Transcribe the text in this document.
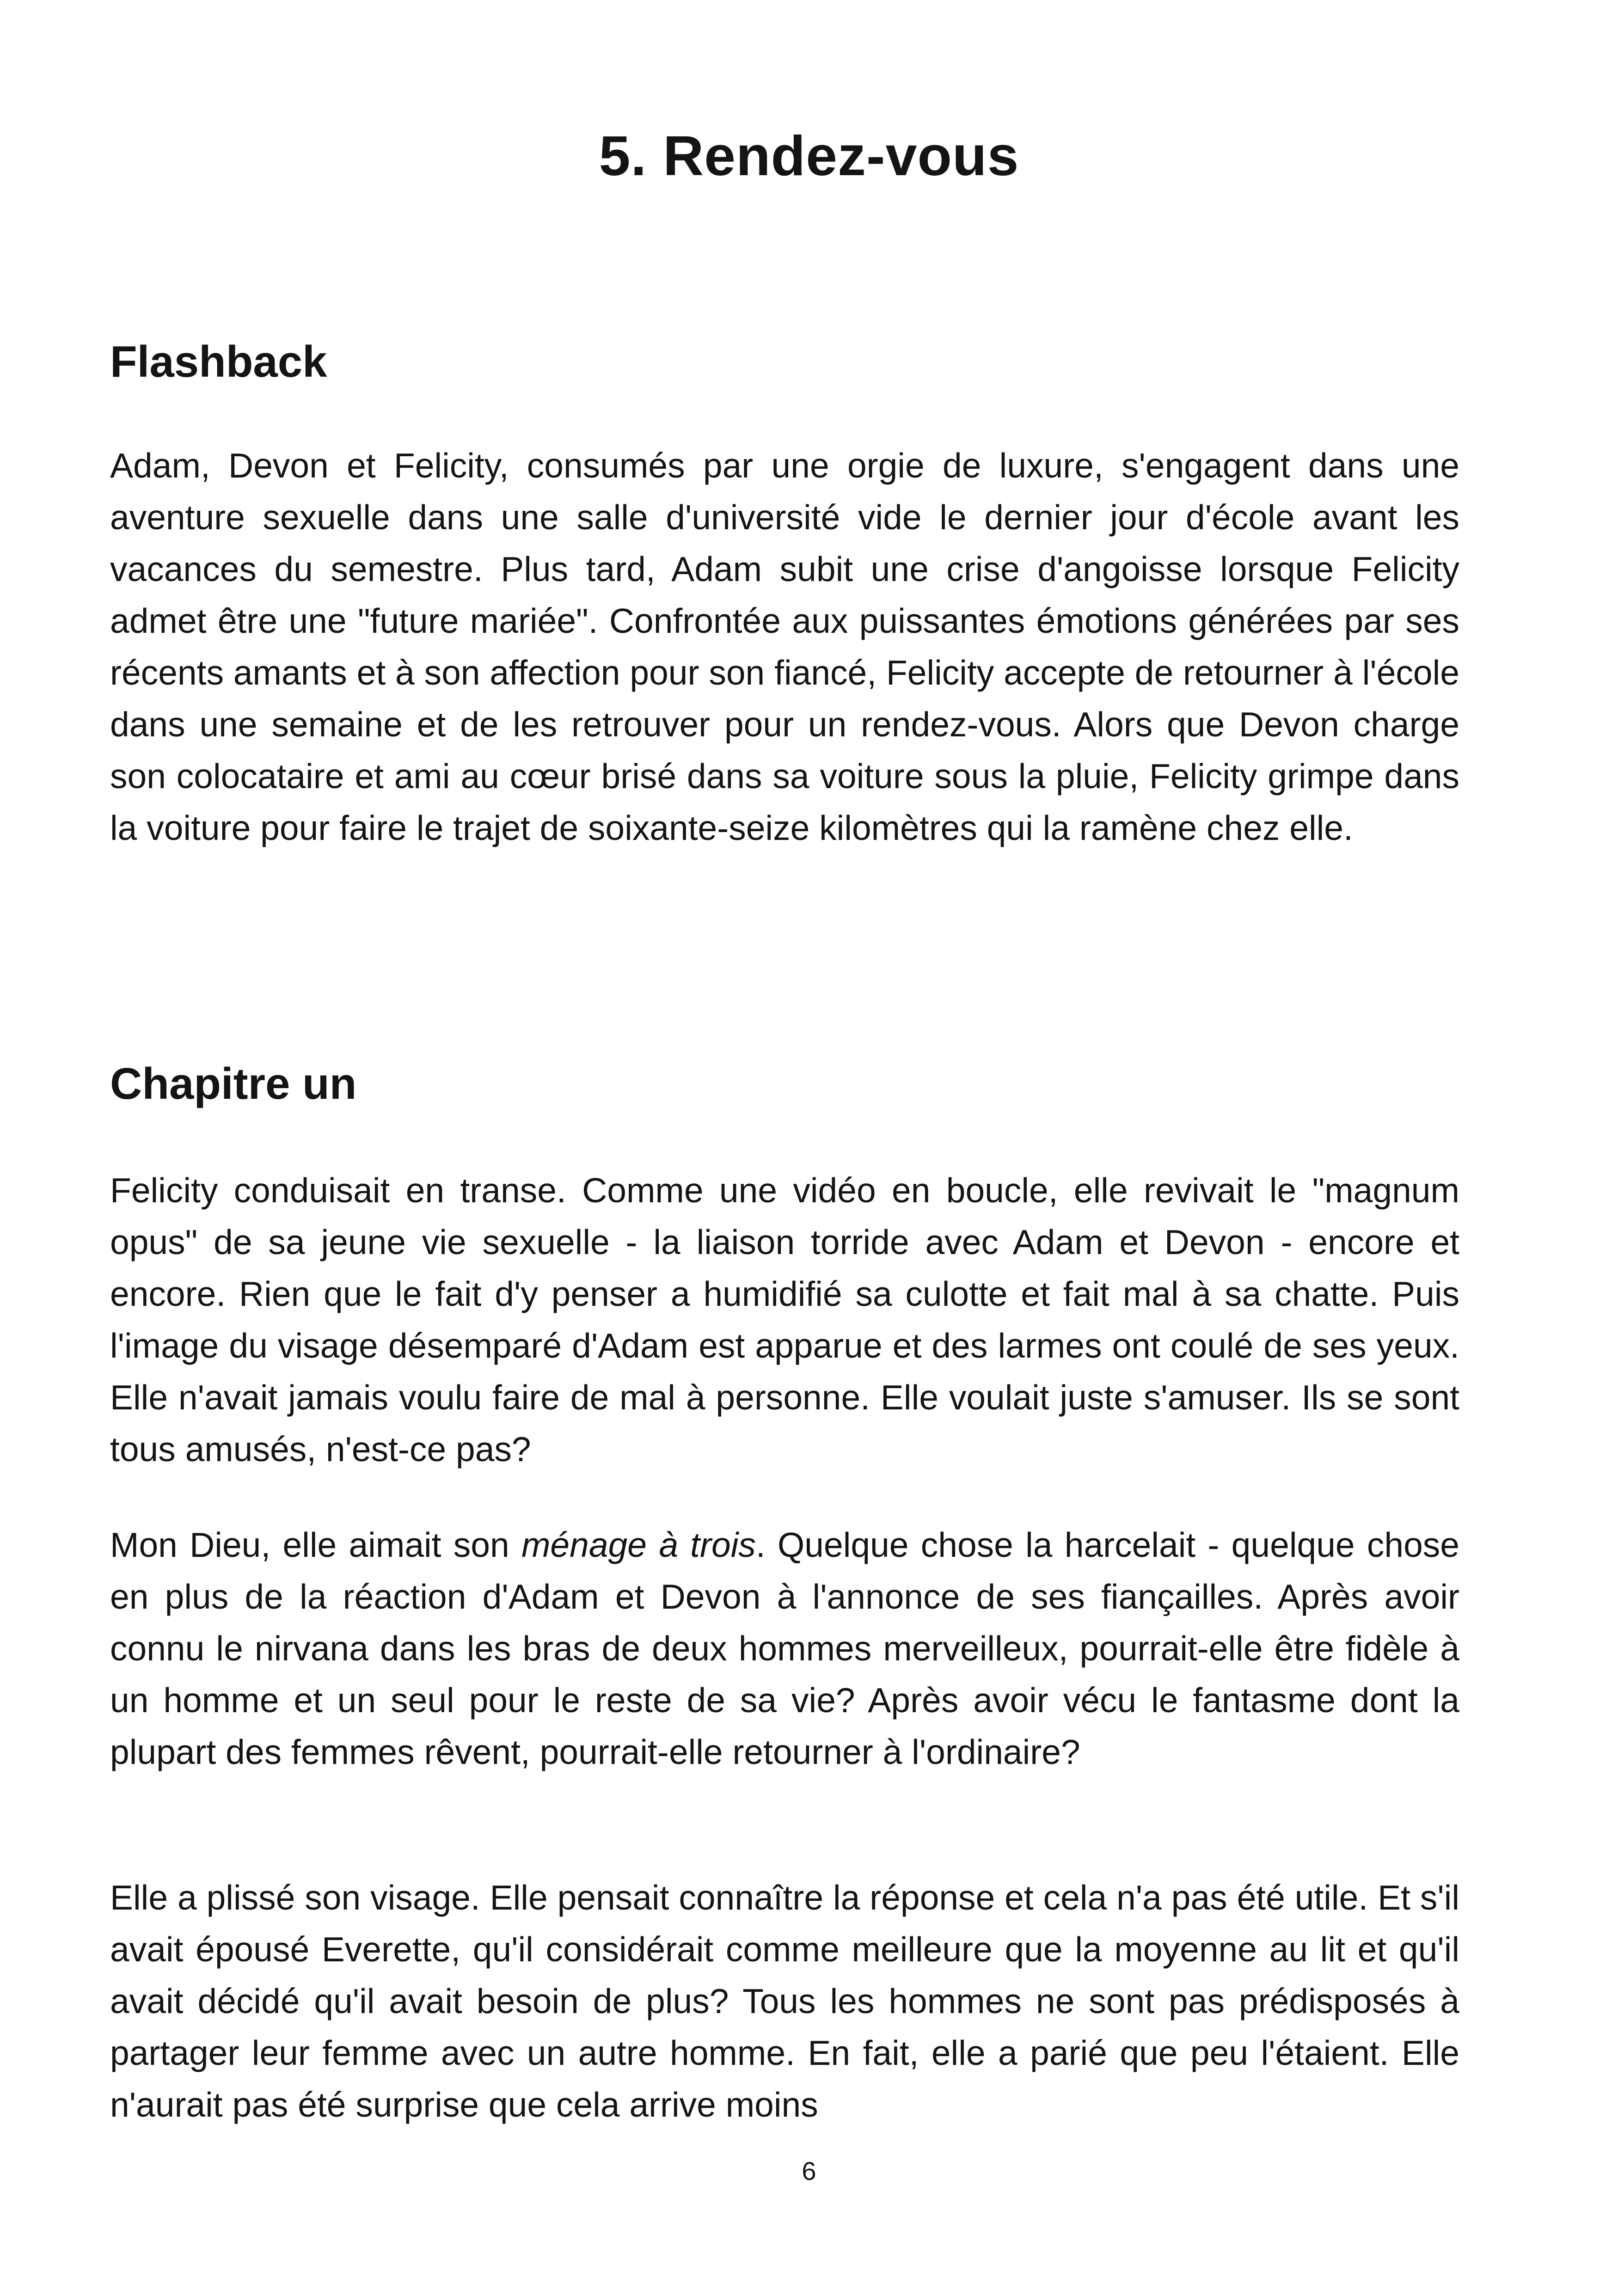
5. Rendez-vous
Flashback

Adam, Devon et Felicity, consumés par une orgie de luxure, s'engagent dans une aventure sexuelle dans une salle d'université vide le dernier jour d'école avant les vacances du semestre. Plus tard, Adam subit une crise d'angoisse lorsque Felicity admet être une "future mariée". Confrontée aux puissantes émotions générées par ses récents amants et à son affection pour son fiancé, Felicity accepte de retourner à l'école dans une semaine et de les retrouver pour un rendez-vous. Alors que Devon charge son colocataire et ami au cœur brisé dans sa voiture sous la pluie, Felicity grimpe dans la voiture pour faire le trajet de soixante-seize kilomètres qui la ramène chez elle.

Chapitre un

Felicity conduisait en transe. Comme une vidéo en boucle, elle revivait le "magnum opus" de sa jeune vie sexuelle - la liaison torride avec Adam et Devon - encore et encore. Rien que le fait d'y penser a humidifié sa culotte et fait mal à sa chatte. Puis l'image du visage désemparé d'Adam est apparue et des larmes ont coulé de ses yeux. Elle n'avait jamais voulu faire de mal à personne. Elle voulait juste s'amuser. Ils se sont tous amusés, n'est-ce pas?

Mon Dieu, elle aimait son ménage à trois. Quelque chose la harcelait - quelque chose en plus de la réaction d'Adam et Devon à l'annonce de ses fiançailles. Après avoir connu le nirvana dans les bras de deux hommes merveilleux, pourrait-elle être fidèle à un homme et un seul pour le reste de sa vie? Après avoir vécu le fantasme dont la plupart des femmes rêvent, pourrait-elle retourner à l'ordinaire?

Elle a plissé son visage. Elle pensait connaître la réponse et cela n'a pas été utile. Et s'il avait épousé Everette, qu'il considérait comme meilleure que la moyenne au lit et qu'il avait décidé qu'il avait besoin de plus? Tous les hommes ne sont pas prédisposés à partager leur femme avec un autre homme. En fait, elle a parié que peu l'étaient. Elle n'aurait pas été surprise que cela arrive moins

6
